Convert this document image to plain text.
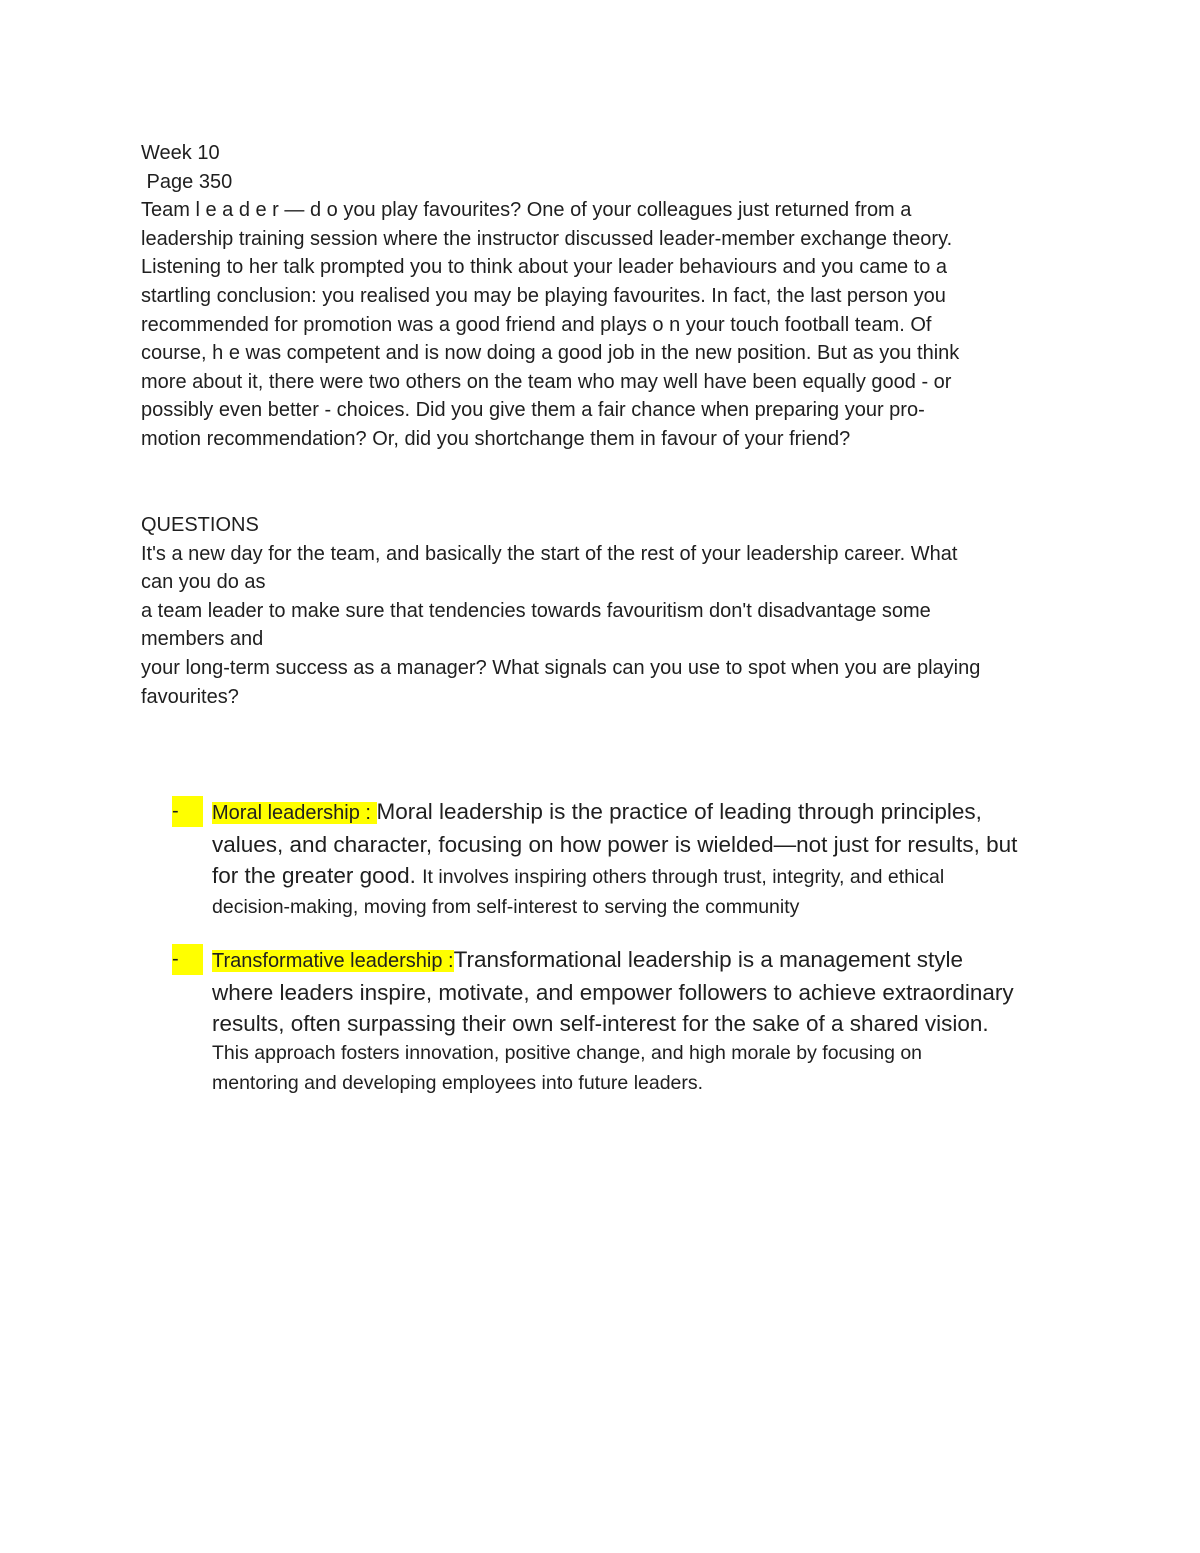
Week 10
Page 350
Team l e a d e r — d o you play favourites? One of your colleagues just returned from a
leadership training session where the instructor discussed leader-member exchange theory.
Listening to her talk prompted you to think about your leader behaviours and you came to a
startling conclusion: you realised you may be playing favourites. In fact, the last person you
recommended for promotion was a good friend and plays o n your touch football team. Of
course, h e was competent and is now doing a good job in the new position. But as you think
more about it, there were two others on the team who may well have been equally good - or
possibly even better - choices. Did you give them a fair chance when preparing your pro-
motion recommendation? Or, did you shortchange them in favour of your friend?
QUESTIONS
It's a new day for the team, and basically the start of the rest of your leadership career. What
can you do as
a team leader to make sure that tendencies towards favouritism don't disadvantage some
members and
your long-term success as a manager? What signals can you use to spot when you are playing
favourites?
-	Moral leadership : Moral leadership is the practice of leading through principles,
values, and character, focusing on how power is wielded—not just for results, but
for the greater good. It involves inspiring others through trust, integrity, and ethical
decision-making, moving from self-interest to serving the community
-	Transformative leadership :Transformational leadership is a management style
where leaders inspire, motivate, and empower followers to achieve extraordinary
results, often surpassing their own self-interest for the sake of a shared vision.
This approach fosters innovation, positive change, and high morale by focusing on
mentoring and developing employees into future leaders.
